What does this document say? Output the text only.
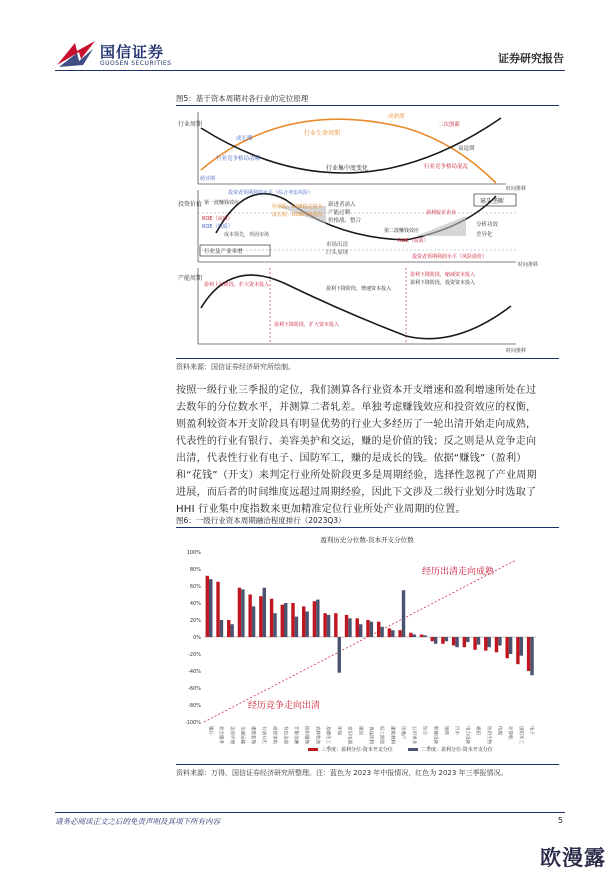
国信证券
GUOSEN SECURITIES	证券研究报告
图5：基于资本周期对各行业的定位原理
行业周期
投资价值
产能周期
成熟期
行业生命周期
二次创新
衰退期
成长期
行业竞争格局清晰
行业集中度变化	行业竞争格局混乱
萌芽期
时间推移
投资者预期利润水平（综合考虑风险）
第一波赚钱效应
ROE（高质）
ROE（低质）
价值股：ROE稳定提升
成长股：ROE持续低位
成本领先，巩固市场
新进者涌入
产能过剩
价格战、整合
第二波赚钱效应
盈利较差企业
ROE（高质）
市场出清
巨头显现
寡头垄断
分析功效
差异化
行业及产业率增
投资者预期利润水平（风险溢价）
时间推移
盈利上行阶段，扩大资本投入
盈利下降阶段，增速资本投入
盈利下降阶段，扩大资本投入
盈利下降阶段，缩减资本投入
盈利下降阶段，投资资本投入
时间推移
资料来源：国信证券经济研究所绘制。
按照一级行业三季报的定位，我们测算各行业资本开支增速和盈利增速所处在过
去数年的分位数水平，并测算二者轧差。单独考虑赚钱效应和投资效应的权衡，
则盈利较资本开支阶段具有明显优势的行业大多经历了一轮出清开始走向成熟，
代表性的行业有银行、美容美护和交运，赚的是价值的钱；反之则是从竞争走向
出清，代表性行业有电子、国防军工，赚的是成长的钱。依据“赚钱”（盈利）
和“花钱”（开支）来判定行业所处阶段更多是周期经验，选择性忽视了产业周期
进展，而后者的时间维度远超过周期经验，因此下文涉及二级行业划分时选取了
HHI 行业集中度指数来更加精准定位行业所处产业周期的位置。
图6：一级行业资本周期融洽程度排行（2023Q3）
盈利历史分位数-资本开支分位数
100%
80%
60%
40%
20%
0%
-20%
-40%
-60%
-80%
-100%
经历出清走向成熟
经历竞争走向出清
银行	社会服务	美容护理	交通运输	建筑装饰	石油石化	商贸零售	有色金属	非银金融	纺织服饰	农林牧渔	基础化工	环保	家用电器	煤炭	食品饮料	轻工制造	建筑材料	房地产	公用事业	综合	机械设备	钢铁	汽车	电力设备	通信	医药生物	传媒	计算机	国防军工	电子
三季度：盈利分位-资本开支分位	二季度：盈利分位-资本开支分位
资料来源：万得，国信证券经济研究所整理。注：蓝色为 2023 年中报情况，红色为 2023 年三季报情况。
请务必阅读正文之后的免责声明及其项下所有内容	5
欧漫露
